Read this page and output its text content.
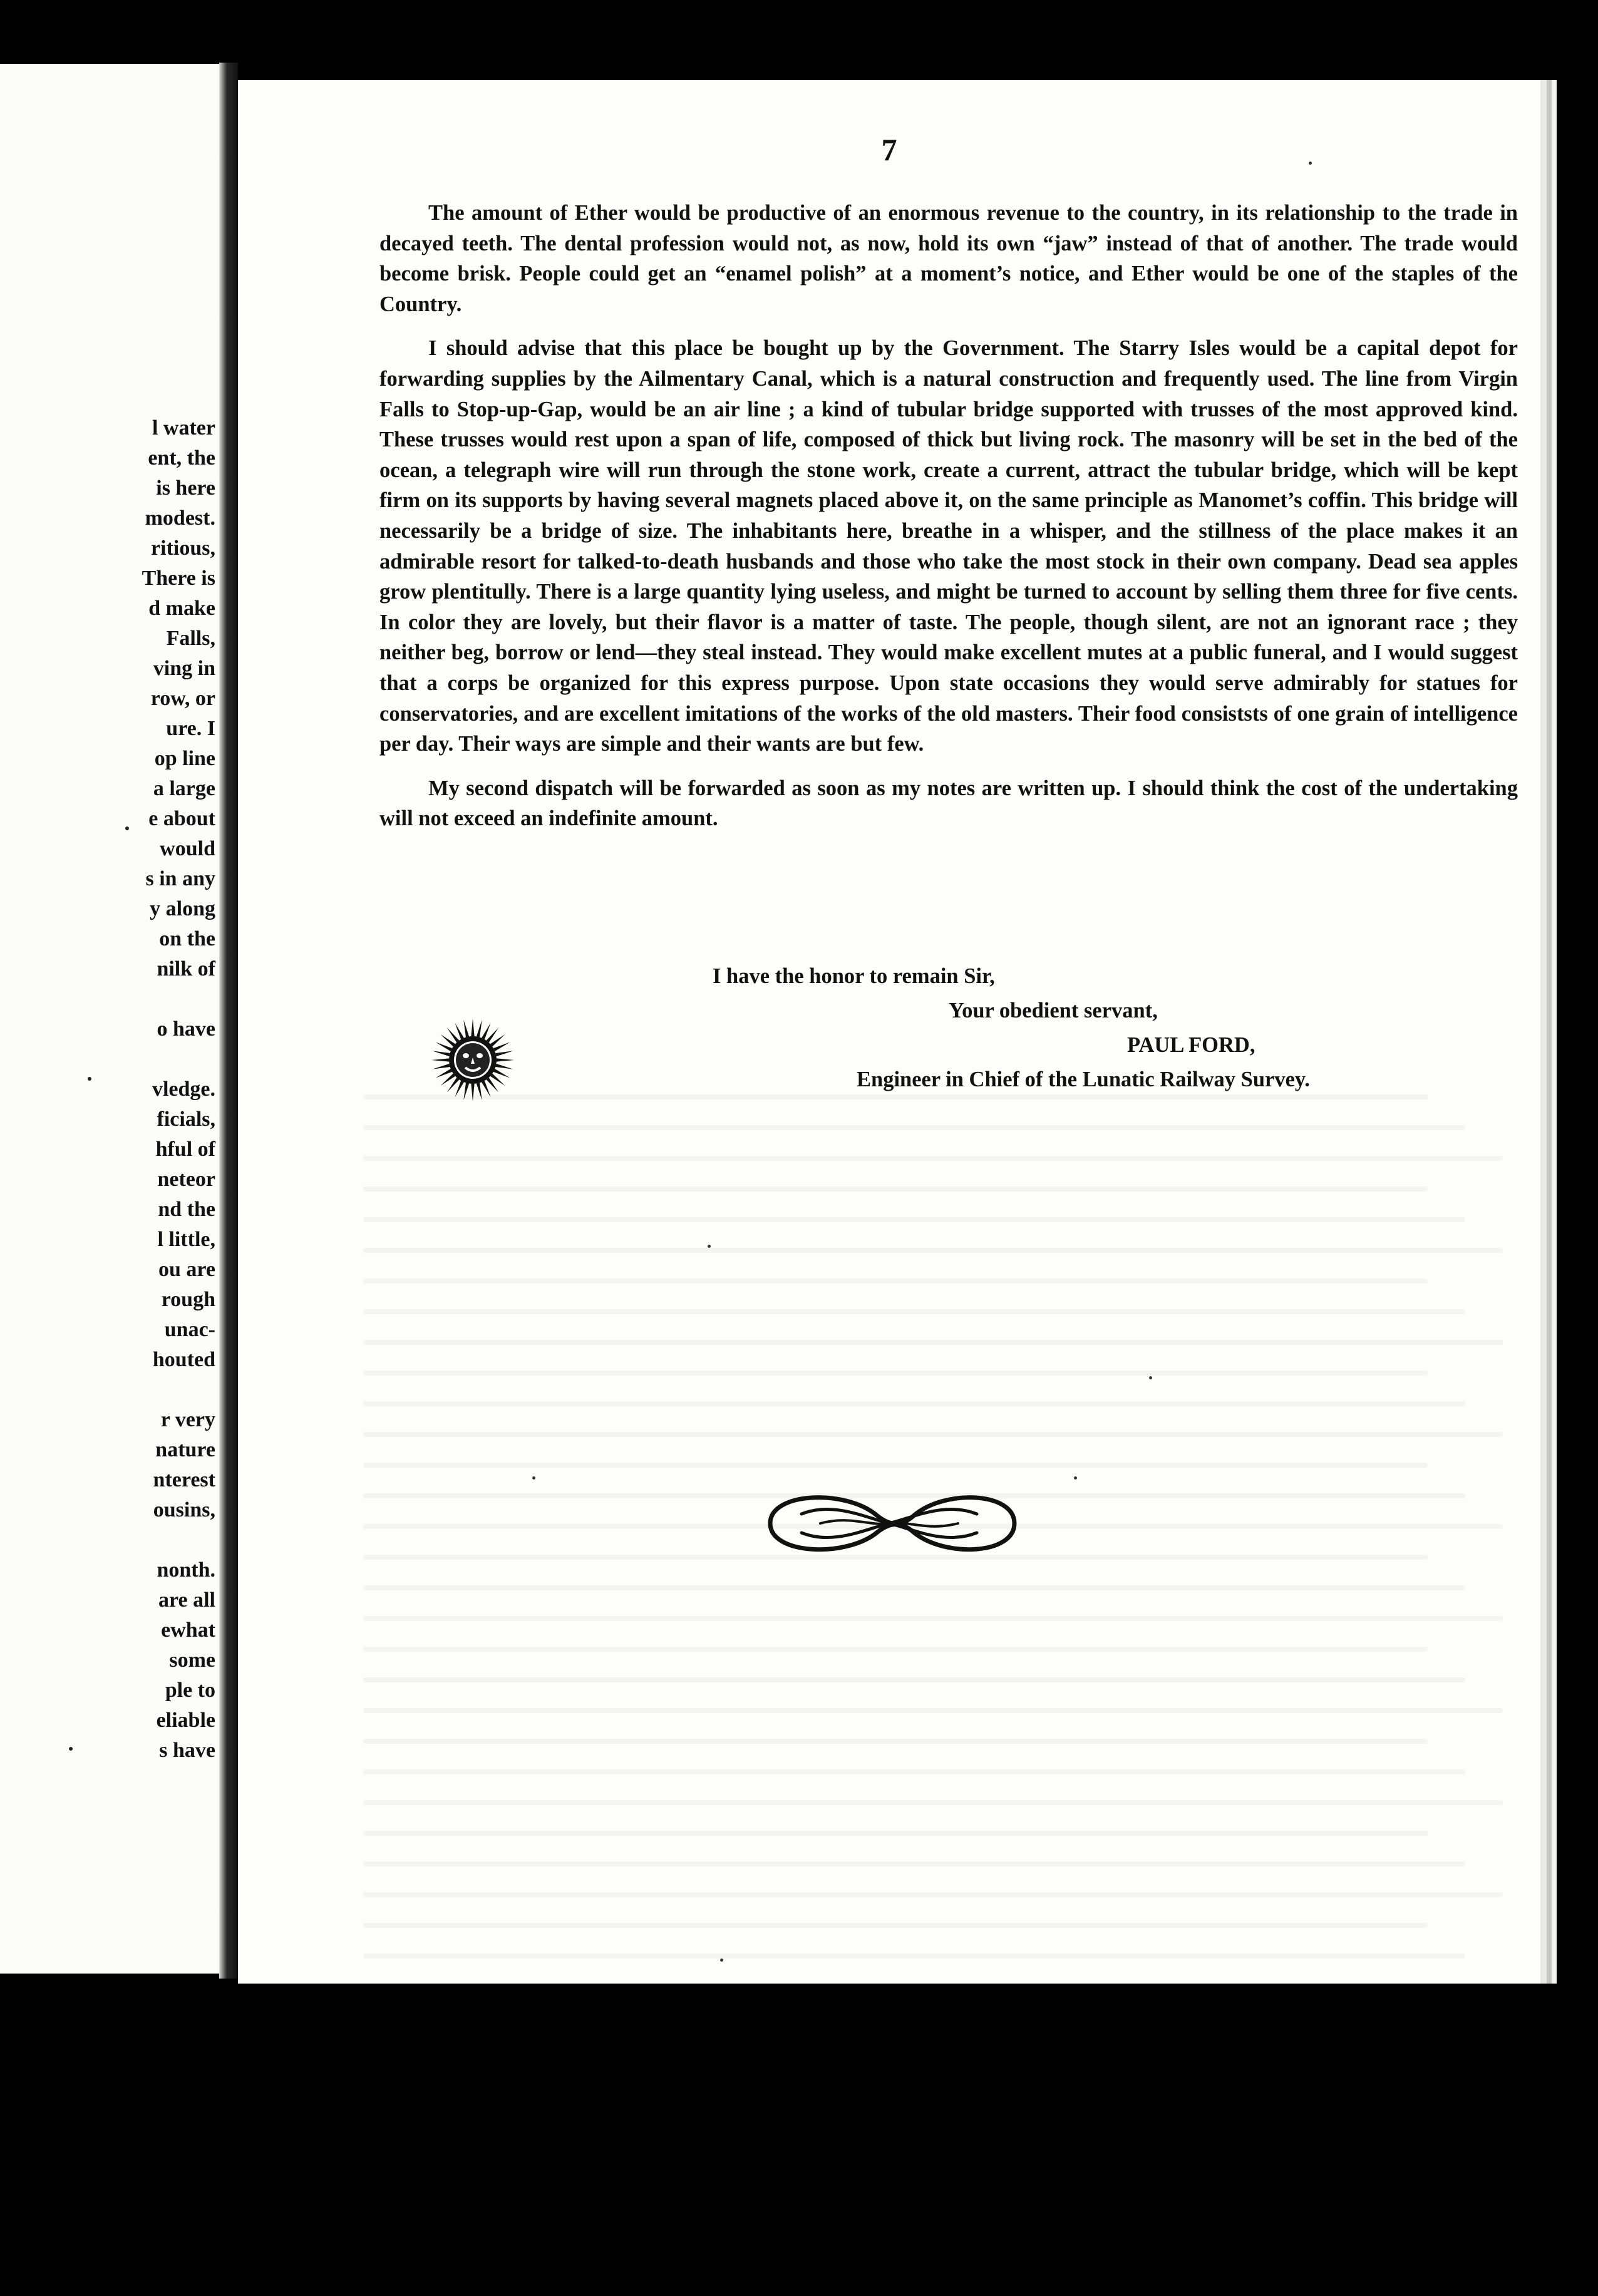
l water
ent, the
is here
modest.
ritious,
There is
d make
Falls,
ving in
row, or
ure. I
op line
a large
e about
would
s in any
y along
on the
nilk of
o have
vledge.
ficials,
hful of
neteor
nd the
l little,
ou are
rough
unac-
houted
r very
nature
nterest
ousins,
nonth.
are all
ewhat
some
ple to
eliable
s have
7

The amount of Ether would be productive of an enormous revenue to the country, in its relationship to the trade in decayed teeth. The dental profession would not, as now, hold its own “jaw” instead of that of another. The trade would become brisk. People could get an “enamel polish” at a moment’s notice, and Ether would be one of the staples of the Country.

I should advise that this place be bought up by the Government. The Starry Isles would be a capital depot for forwarding supplies by the Ailmentary Canal, which is a natural construction and frequently used. The line from Virgin Falls to Stop-up-Gap, would be an air line ; a kind of tubular bridge supported with trusses of the most approved kind. These trusses would rest upon a span of life, composed of thick but living rock. The masonry will be set in the bed of the ocean, a telegraph wire will run through the stone work, create a current, attract the tubular bridge, which will be kept firm on its supports by having several magnets placed above it, on the same principle as Manomet’s coffin. This bridge will necessarily be a bridge of size. The inhabitants here, breathe in a whisper, and the stillness of the place makes it an admirable resort for talked-to-death husbands and those who take the most stock in their own company. Dead sea apples grow plentitully. There is a large quantity lying useless, and might be turned to account by selling them three for five cents. In color they are lovely, but their flavor is a matter of taste. The people, though silent, are not an ignorant race ; they neither beg, borrow or lend—they steal instead. They would make excellent mutes at a public funeral, and I would suggest that a corps be organized for this express purpose. Upon state occasions they would serve admirably for statues for conservatories, and are excellent imitations of the works of the old masters. Their food consiststs of one grain of intelligence per day. Their ways are simple and their wants are but few.

My second dispatch will be forwarded as soon as my notes are written up. I should think the cost of the undertaking will not exceed an indefinite amount.

I have the honor to remain Sir,
Your obedient servant,
PAUL FORD,
Engineer in Chief of the Lunatic Railway Survey.
